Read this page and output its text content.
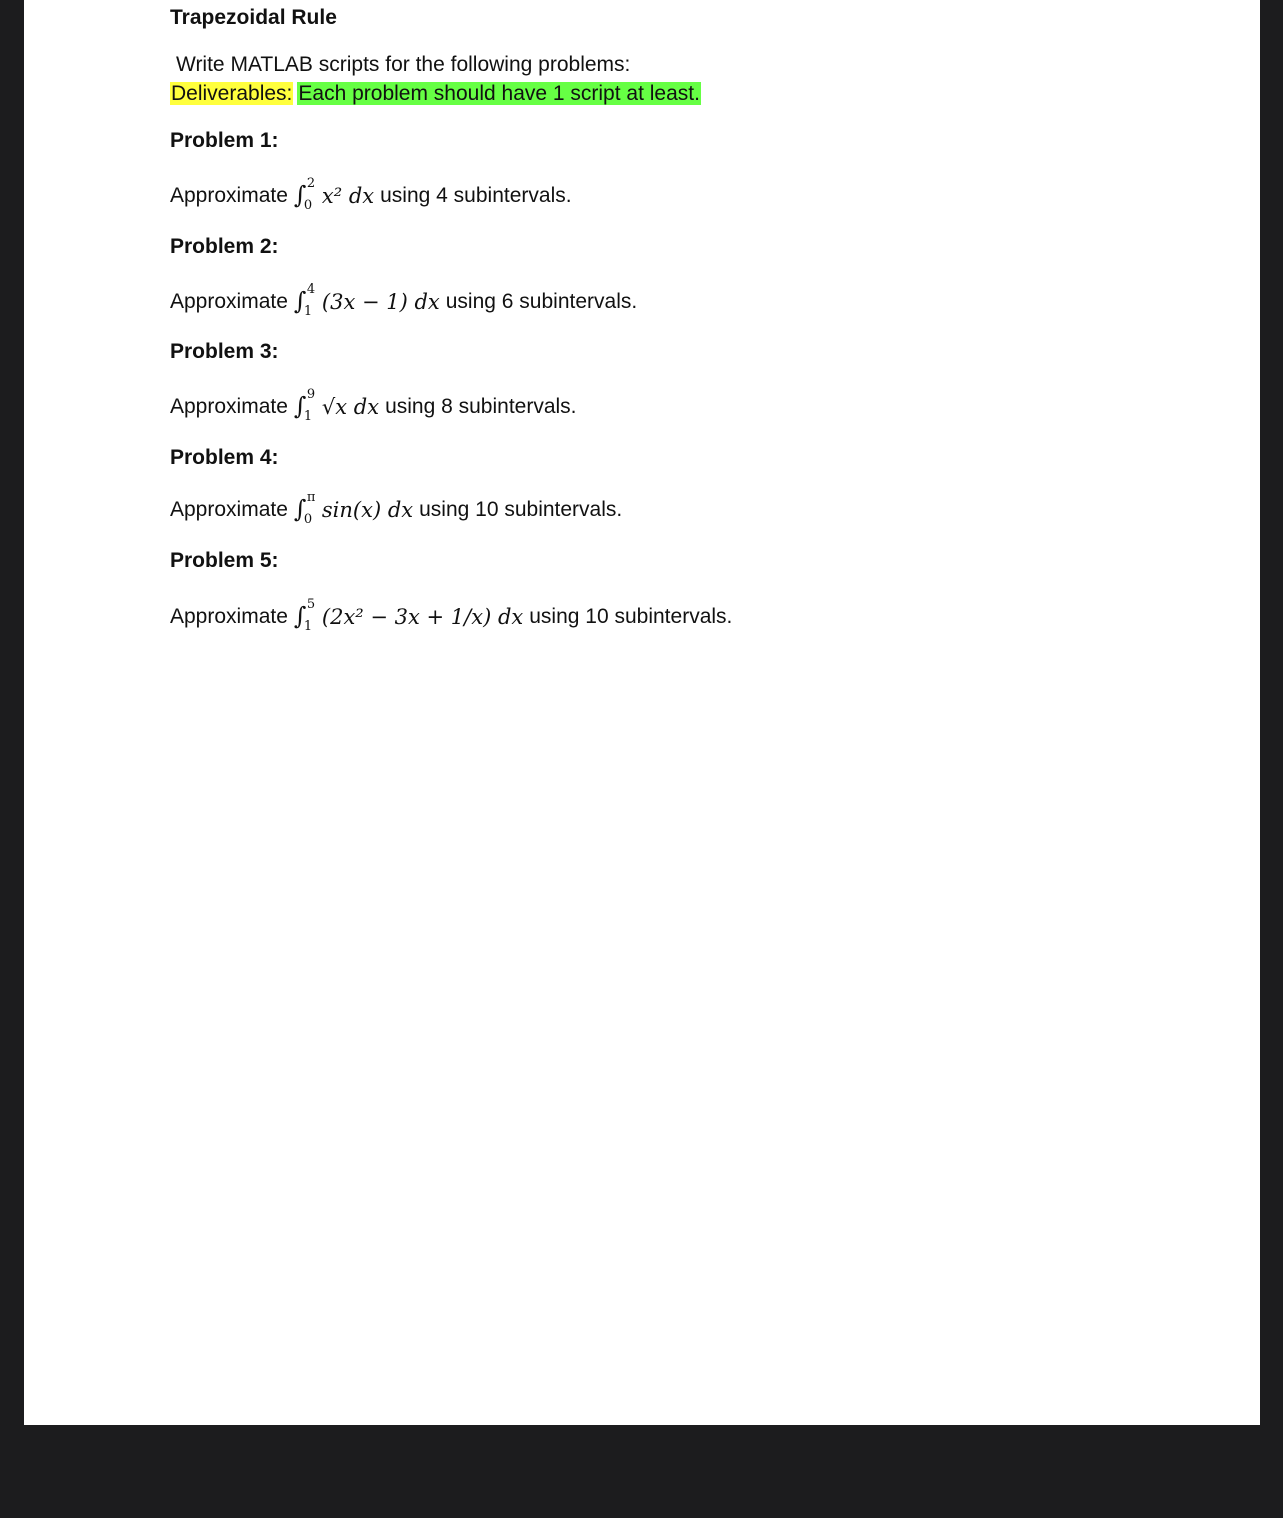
Trapezoidal Rule
Write MATLAB scripts for the following problems:
Deliverables: Each problem should have 1 script at least.
Problem 1:
Approximate ∫ 2
0 x² dx using 4 subintervals.
Problem 2:
Approximate ∫ 4
1 (3x − 1) dx using 6 subintervals.
Problem 3:
Approximate ∫ 9
1 √x dx using 8 subintervals.
Problem 4:
Approximate ∫ π
0 sin(x) dx using 10 subintervals.
Problem 5:
Approximate ∫ 5
1 (2x² − 3x + 1/x) dx using 10 subintervals.
